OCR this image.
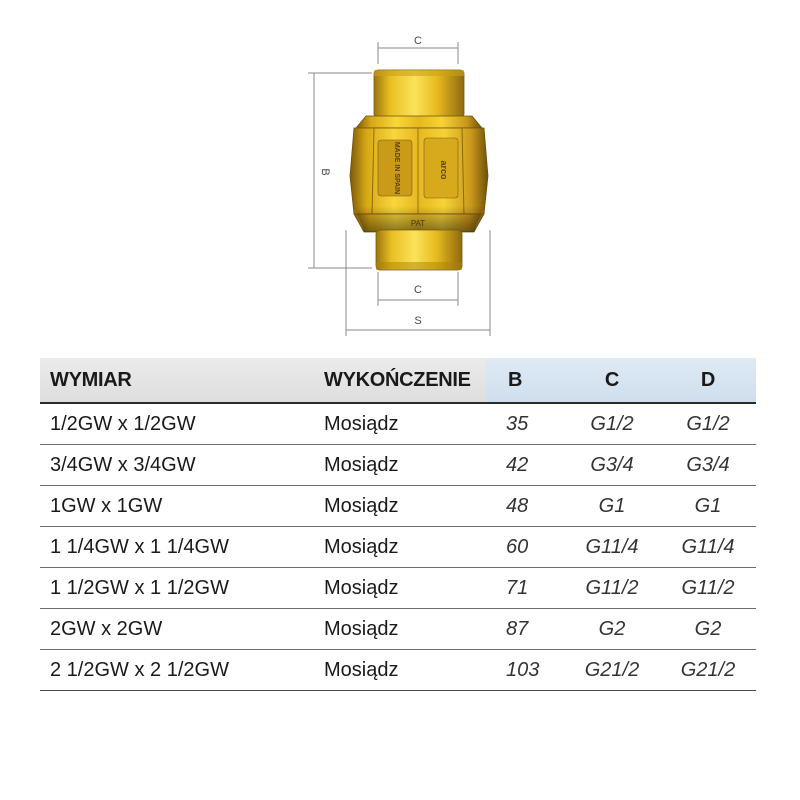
C
B
C
S
MADE IN SPAIN	arco
PAT
WYMIAR	WYKOŃCZENIE	B	C	D
1/2GW x 1/2GW	Mosiądz	35	G1/2	G1/2
3/4GW x 3/4GW	Mosiądz	42	G3/4	G3/4
1GW x 1GW	Mosiądz	48	G1	G1
1 1/4GW x 1 1/4GW	Mosiądz	60	G11/4	G11/4
1 1/2GW x 1 1/2GW	Mosiądz	71	G11/2	G11/2
2GW x 2GW	Mosiądz	87	G2	G2
2 1/2GW x 2 1/2GW	Mosiądz	103	G21/2	G21/2
